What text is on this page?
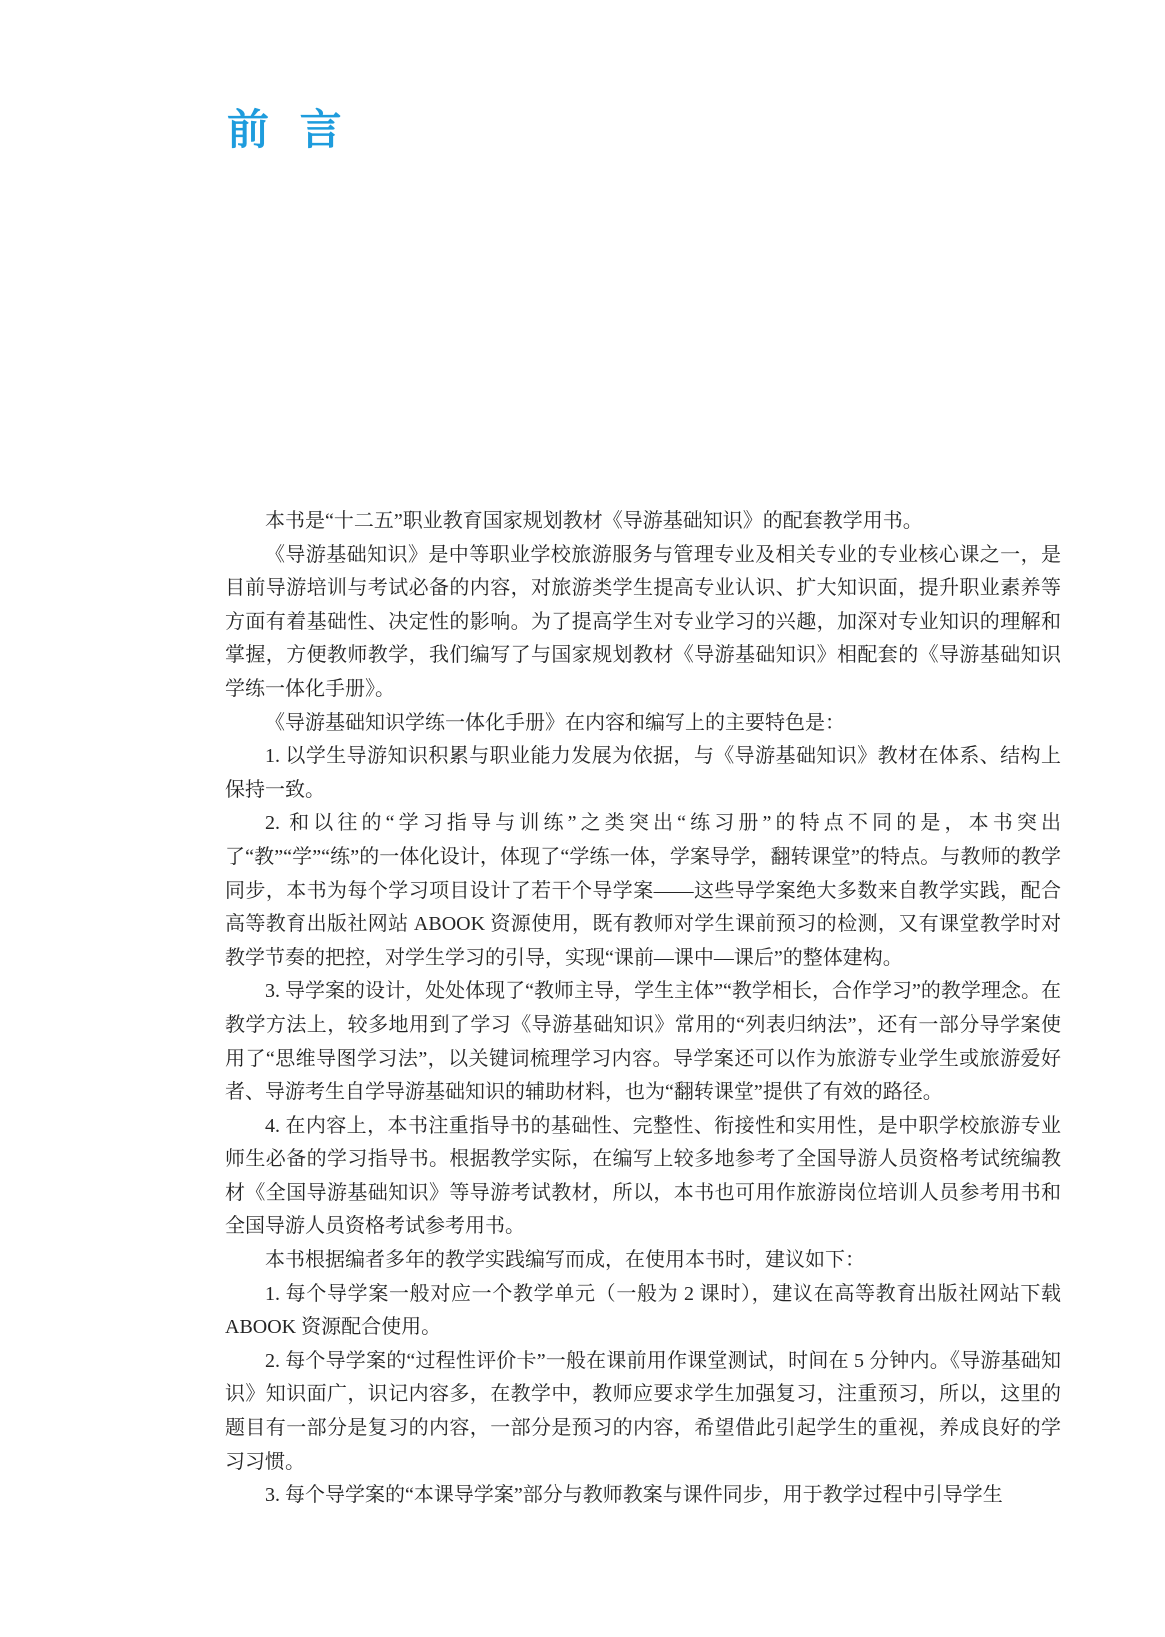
前 言

本书是“十二五”职业教育国家规划教材《导游基础知识》的配套教学用书。

《导游基础知识》是中等职业学校旅游服务与管理专业及相关专业的专业核心课之一，是目前导游培训与考试必备的内容，对旅游类学生提高专业认识、扩大知识面，提升职业素养等方面有着基础性、决定性的影响。为了提高学生对专业学习的兴趣，加深对专业知识的理解和掌握，方便教师教学，我们编写了与国家规划教材《导游基础知识》相配套的《导游基础知识学练一体化手册》。

《导游基础知识学练一体化手册》在内容和编写上的主要特色是：

1. 以学生导游知识积累与职业能力发展为依据，与《导游基础知识》教材在体系、结构上保持一致。

2. 和以往的“学习指导与训练”之类突出“练习册”的特点不同的是，本书突出了“教”“学”“练”的一体化设计，体现了“学练一体，学案导学，翻转课堂”的特点。与教师的教学同步，本书为每个学习项目设计了若干个导学案——这些导学案绝大多数来自教学实践，配合高等教育出版社网站 ABOOK 资源使用，既有教师对学生课前预习的检测，又有课堂教学时对教学节奏的把控，对学生学习的引导，实现“课前—课中—课后”的整体建构。

3. 导学案的设计，处处体现了“教师主导，学生主体”“教学相长，合作学习”的教学理念。在教学方法上，较多地用到了学习《导游基础知识》常用的“列表归纳法”，还有一部分导学案使用了“思维导图学习法”，以关键词梳理学习内容。导学案还可以作为旅游专业学生或旅游爱好者、导游考生自学导游基础知识的辅助材料，也为“翻转课堂”提供了有效的路径。

4. 在内容上，本书注重指导书的基础性、完整性、衔接性和实用性，是中职学校旅游专业师生必备的学习指导书。根据教学实际，在编写上较多地参考了全国导游人员资格考试统编教材《全国导游基础知识》等导游考试教材，所以，本书也可用作旅游岗位培训人员参考用书和全国导游人员资格考试参考用书。

本书根据编者多年的教学实践编写而成，在使用本书时，建议如下：

1. 每个导学案一般对应一个教学单元（一般为 2 课时），建议在高等教育出版社网站下载 ABOOK 资源配合使用。

2. 每个导学案的“过程性评价卡”一般在课前用作课堂测试，时间在 5 分钟内。《导游基础知识》知识面广，识记内容多，在教学中，教师应要求学生加强复习，注重预习，所以，这里的题目有一部分是复习的内容，一部分是预习的内容，希望借此引起学生的重视，养成良好的学习习惯。

3. 每个导学案的“本课导学案”部分与教师教案与课件同步，用于教学过程中引导学生
